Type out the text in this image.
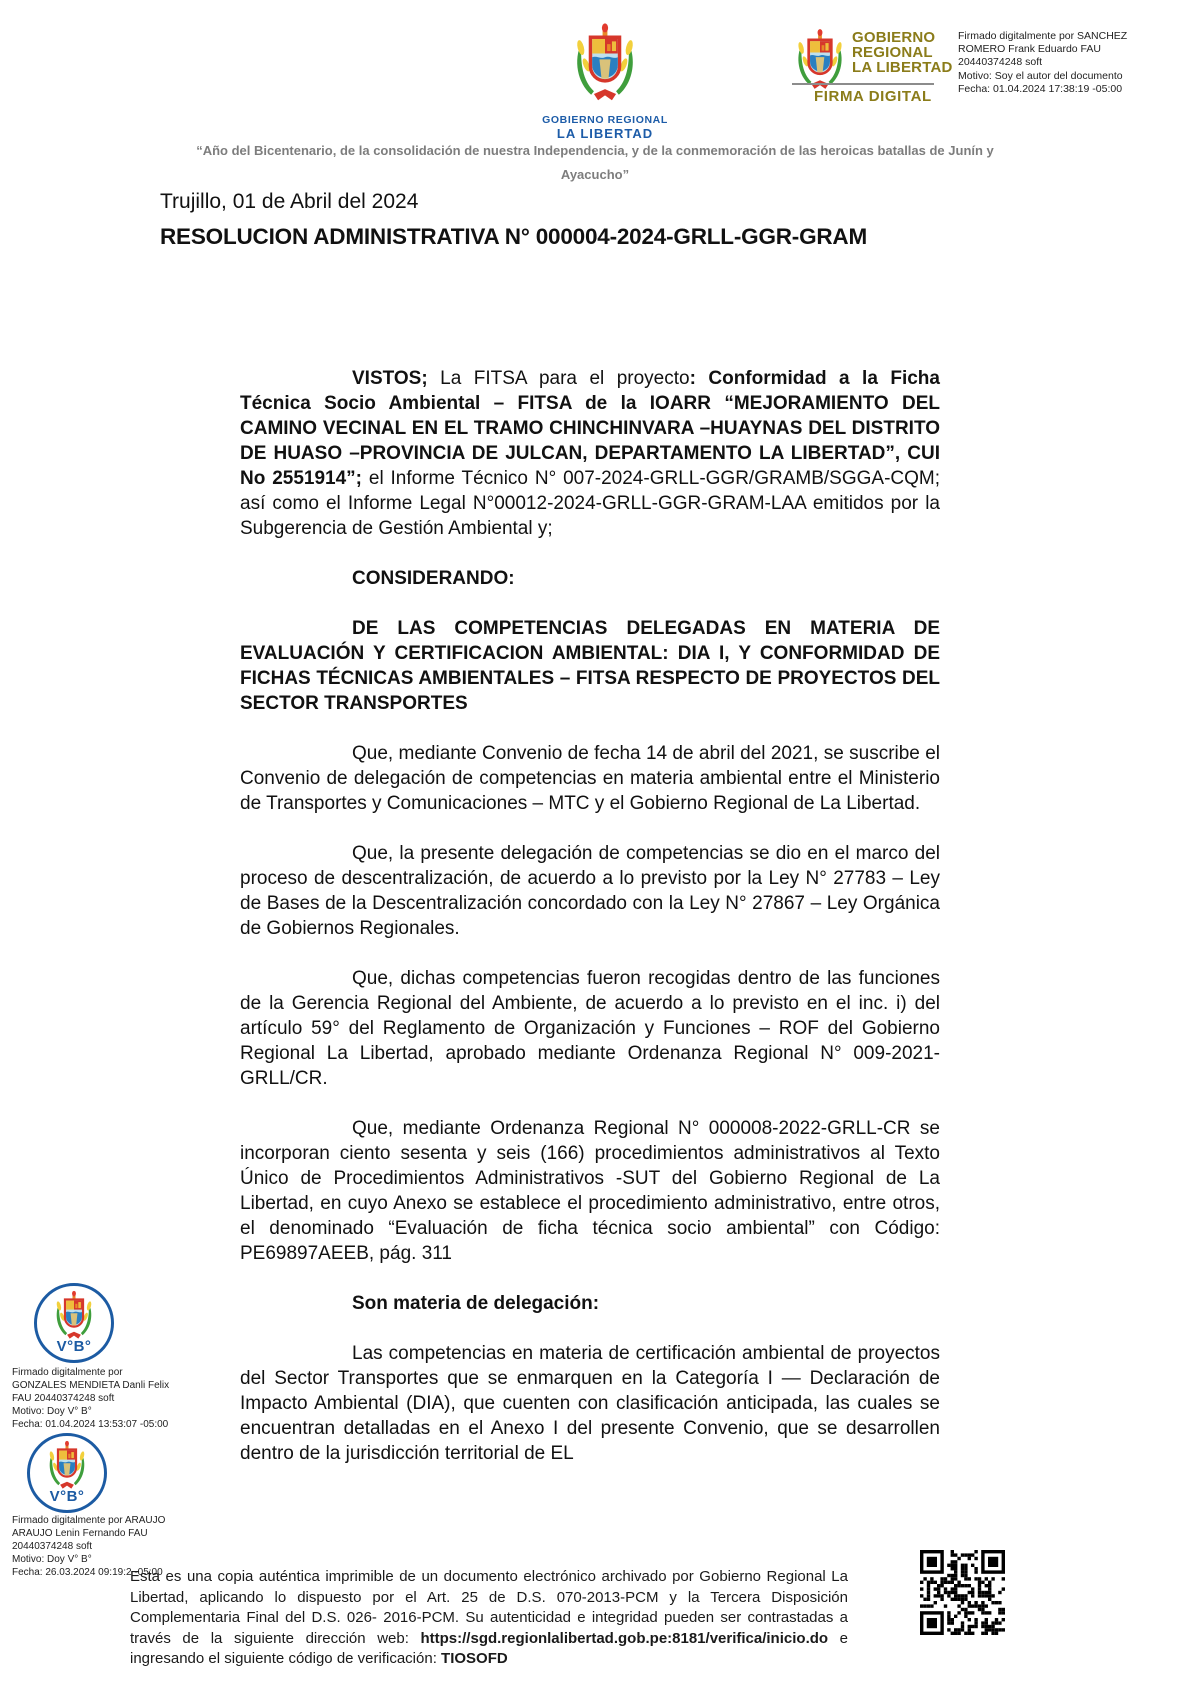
GOBIERNO REGIONAL
LA LIBERTAD
GOBIERNO
REGIONAL
LA LIBERTAD
FIRMA DIGITAL
Firmado digitalmente por SANCHEZ
ROMERO Frank Eduardo FAU
20440374248 soft
Motivo: Soy el autor del documento
Fecha: 01.04.2024 17:38:19 -05:00
“Año del Bicentenario, de la consolidación de nuestra Independencia, y de la conmemoración de las heroicas batallas de Junín y
Ayacucho”
Trujillo, 01 de Abril del 2024
RESOLUCION ADMINISTRATIVA N° 000004-2024-GRLL-GGR-GRAM

VISTOS; La FITSA para el proyecto: Conformidad a la Ficha Técnica Socio Ambiental – FITSA de la IOARR “MEJORAMIENTO DEL CAMINO VECINAL EN EL TRAMO CHINCHINVARA –HUAYNAS DEL DISTRITO DE HUASO –PROVINCIA DE JULCAN, DEPARTAMENTO LA LIBERTAD”, CUI No 2551914”; el Informe Técnico N° 007-2024-GRLL-GGR/GRAMB/SGGA-CQM; así como el Informe Legal N°00012-2024-GRLL-GGR-GRAM-LAA emitidos por la Subgerencia de Gestión Ambiental y;

CONSIDERANDO:

DE LAS COMPETENCIAS DELEGADAS EN MATERIA DE EVALUACIÓN Y CERTIFICACION AMBIENTAL: DIA I, Y CONFORMIDAD DE FICHAS TÉCNICAS AMBIENTALES – FITSA RESPECTO DE PROYECTOS DEL SECTOR TRANSPORTES

Que, mediante Convenio de fecha 14 de abril del 2021, se suscribe el Convenio de delegación de competencias en materia ambiental entre el Ministerio de Transportes y Comunicaciones – MTC y el Gobierno Regional de La Libertad.

Que, la presente delegación de competencias se dio en el marco del proceso de descentralización, de acuerdo a lo previsto por la Ley N° 27783 – Ley de Bases de la Descentralización concordado con la Ley N° 27867 – Ley Orgánica de Gobiernos Regionales.

Que, dichas competencias fueron recogidas dentro de las funciones de la Gerencia Regional del Ambiente, de acuerdo a lo previsto en el inc. i) del artículo 59° del Reglamento de Organización y Funciones – ROF del Gobierno Regional La Libertad, aprobado mediante Ordenanza Regional N° 009-2021-GRLL/CR.

Que, mediante Ordenanza Regional N° 000008-2022-GRLL-CR se incorporan ciento sesenta y seis (166) procedimientos administrativos al Texto Único de Procedimientos Administrativos -SUT del Gobierno Regional de La Libertad, en cuyo Anexo se establece el procedimiento administrativo, entre otros, el denominado “Evaluación de ficha técnica socio ambiental” con Código: PE69897AEEB, pág. 311

Son materia de delegación:

Las competencias en materia de certificación ambiental de proyectos del Sector Transportes que se enmarquen en la Categoría I — Declaración de Impacto Ambiental (DIA), que cuenten con clasificación anticipada, las cuales se encuentran detalladas en el Anexo I del presente Convenio, que se desarrollen dentro de la jurisdicción territorial de EL

V°B°
Firmado digitalmente por
GONZALES MENDIETA Danli Felix
FAU 20440374248 soft
Motivo: Doy V° B°
Fecha: 01.04.2024 13:53:07 -05:00
V°B°
Firmado digitalmente por ARAUJO
ARAUJO Lenin Fernando FAU
20440374248 soft
Motivo: Doy V° B°
Fecha: 26.03.2024 09:19:2 -05:00

Esta es una copia auténtica imprimible de un documento electrónico archivado por Gobierno Regional La Libertad, aplicando lo dispuesto por el Art. 25 de D.S. 070-2013-PCM y la Tercera Disposición Complementaria Final del D.S. 026- 2016-PCM. Su autenticidad e integridad pueden ser contrastadas a través de la siguiente dirección web: https://sgd.regionlalibertad.gob.pe:8181/verifica/inicio.do e ingresando el siguiente código de verificación: TIOSOFD
